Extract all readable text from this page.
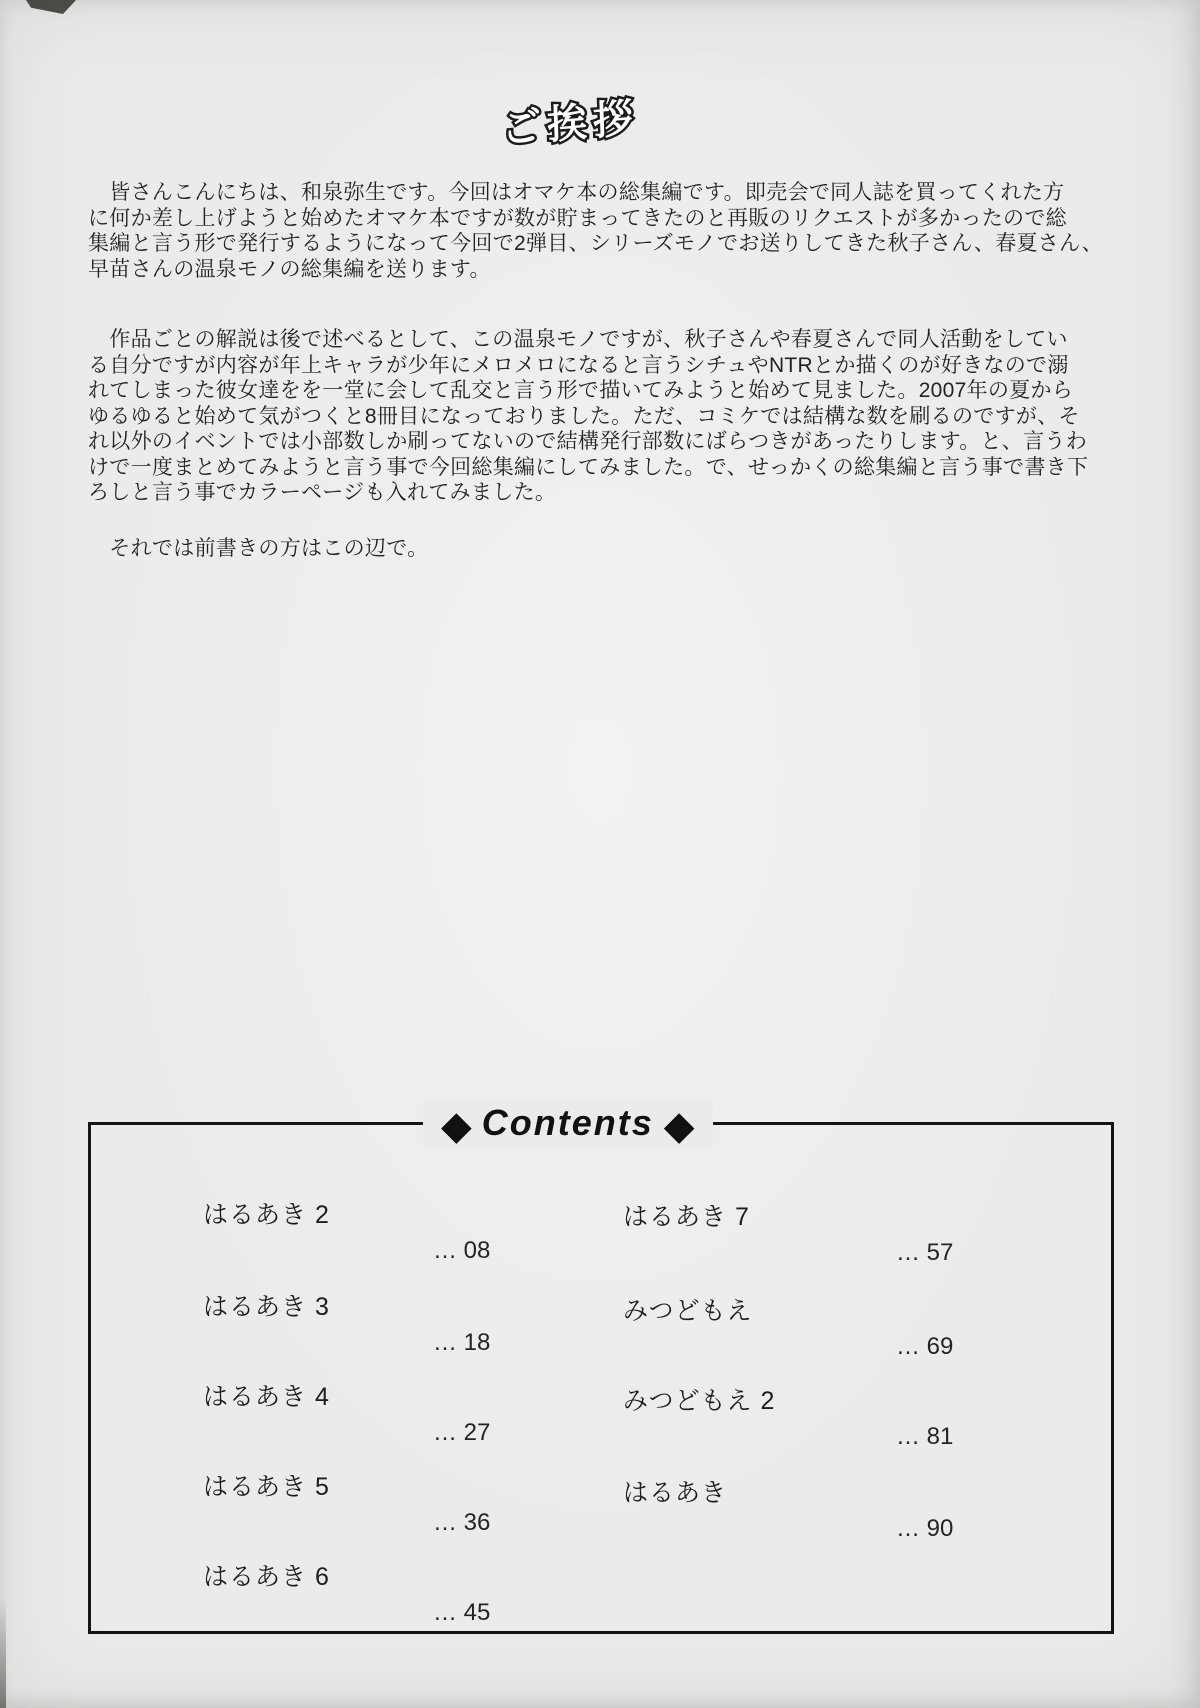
ご挨拶
　皆さんこんにちは、和泉弥生です。今回はオマケ本の総集編です。即売会で同人誌を買ってくれた方
に何か差し上げようと始めたオマケ本ですが数が貯まってきたのと再販のリクエストが多かったので総
集編と言う形で発行するようになって今回で2弾目、シリーズモノでお送りしてきた秋子さん、春夏さん、
早苗さんの温泉モノの総集編を送ります。
　作品ごとの解説は後で述べるとして、この温泉モノですが、秋子さんや春夏さんで同人活動をしてい
る自分ですが内容が年上キャラが少年にメロメロになると言うシチュやNTRとか描くのが好きなので溺
れてしまった彼女達をを一堂に会して乱交と言う形で描いてみようと始めて見ました。2007年の夏から
ゆるゆると始めて気がつくと8冊目になっておりました。ただ、コミケでは結構な数を刷るのですが、そ
れ以外のイベントでは小部数しか刷ってないので結構発行部数にばらつきがあったりします。と、言うわ
けで一度まとめてみようと言う事で今回総集編にしてみました。で、せっかくの総集編と言う事で書き下
ろしと言う事でカラーページも入れてみました。
　それでは前書きの方はこの辺で。
◆ Contents ◆
はるあき 2
… 08
はるあき 3
… 18
はるあき 4
… 27
はるあき 5
… 36
はるあき 6
… 45
はるあき 7
… 57
みつどもえ
… 69
みつどもえ 2
… 81
はるあき
… 90
